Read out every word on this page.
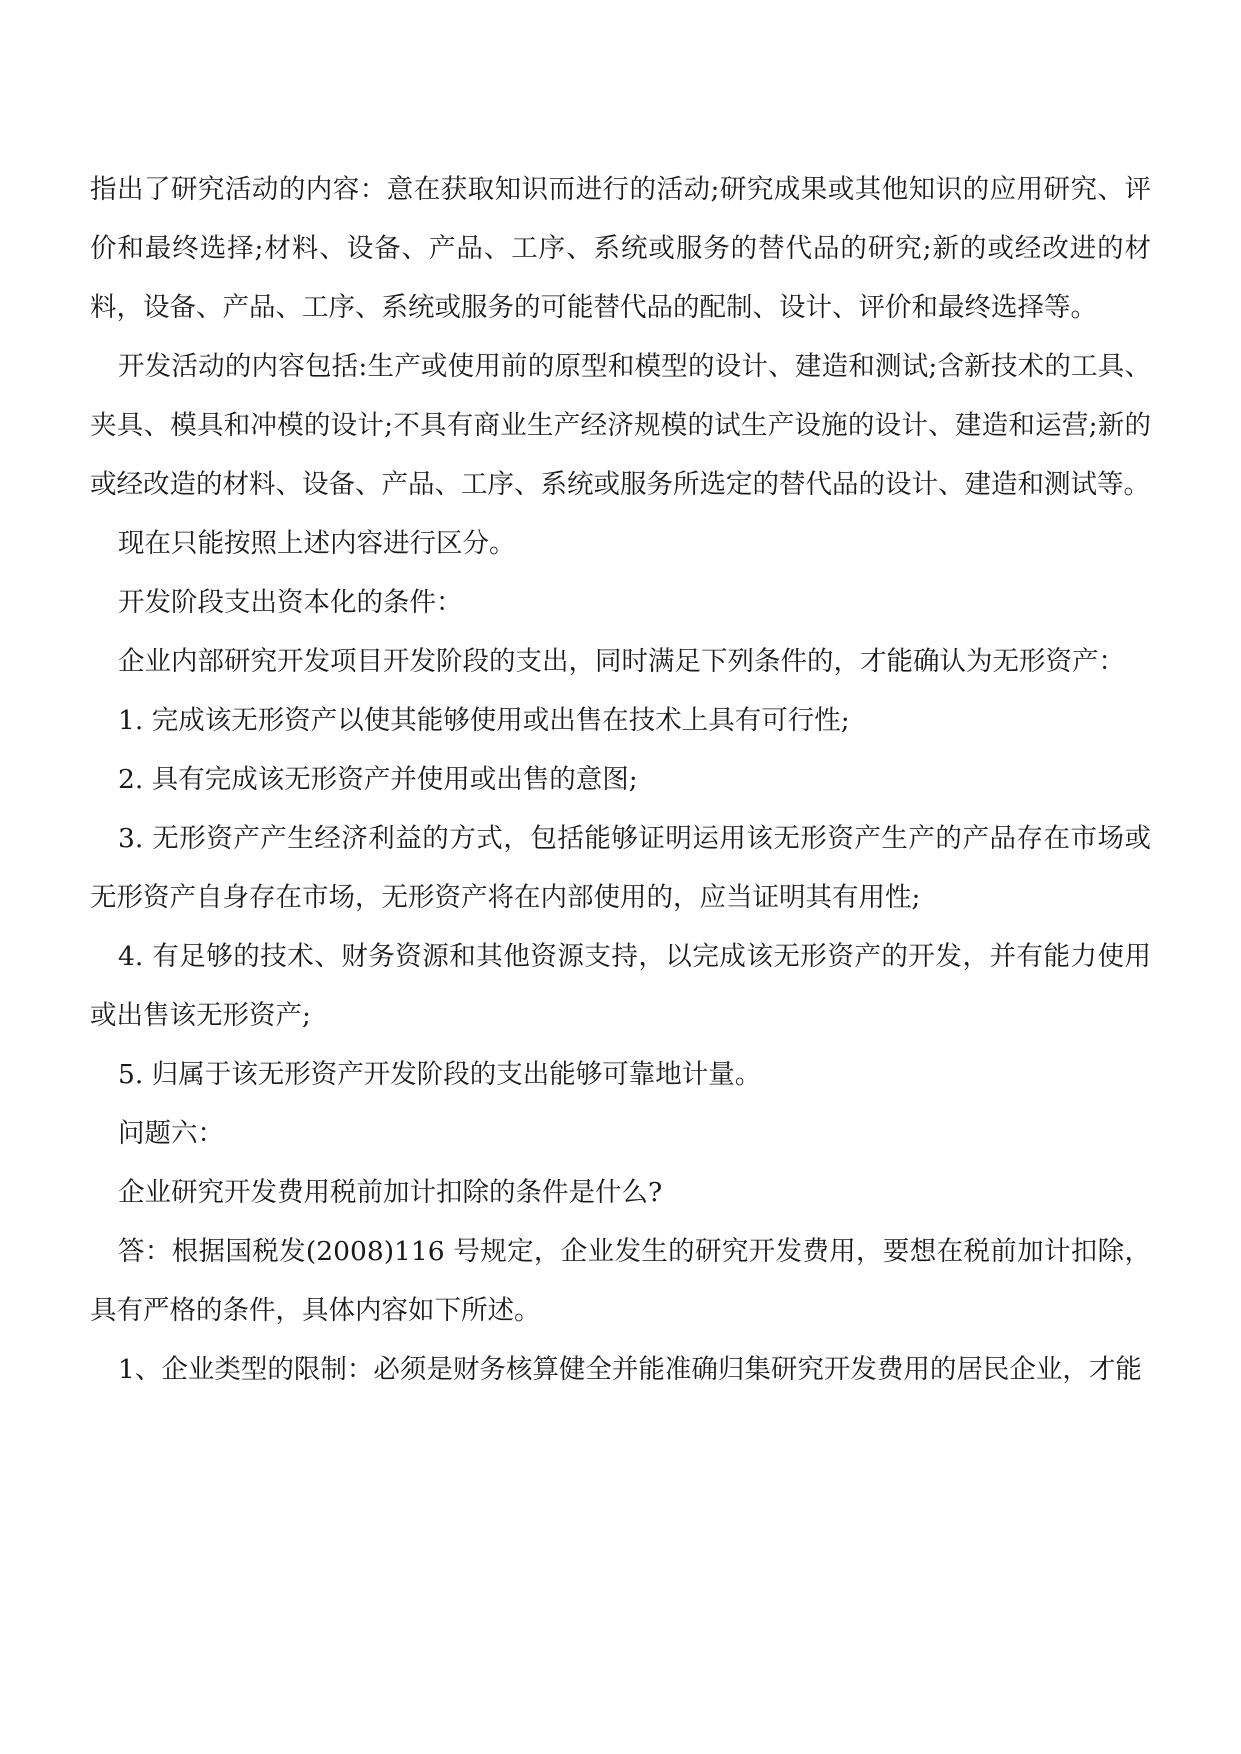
指出了研究活动的内容：意在获取知识而进行的活动;研究成果或其他知识的应用研究、评价和最终选择;材料、设备、产品、工序、系统或服务的替代品的研究;新的或经改进的材料，设备、产品、工序、系统或服务的可能替代品的配制、设计、评价和最终选择等。

开发活动的内容包括:生产或使用前的原型和模型的设计、建造和测试;含新技术的工具、夹具、模具和冲模的设计;不具有商业生产经济规模的试生产设施的设计、建造和运营;新的或经改造的材料、设备、产品、工序、系统或服务所选定的替代品的设计、建造和测试等。

现在只能按照上述内容进行区分。

开发阶段支出资本化的条件：

企业内部研究开发项目开发阶段的支出，同时满足下列条件的，才能确认为无形资产：

1. 完成该无形资产以使其能够使用或出售在技术上具有可行性;

2. 具有完成该无形资产并使用或出售的意图;

3. 无形资产产生经济利益的方式，包括能够证明运用该无形资产生产的产品存在市场或无形资产自身存在市场，无形资产将在内部使用的，应当证明其有用性;

4. 有足够的技术、财务资源和其他资源支持，以完成该无形资产的开发，并有能力使用或出售该无形资产;

5. 归属于该无形资产开发阶段的支出能够可靠地计量。

问题六：

企业研究开发费用税前加计扣除的条件是什么?

答：根据国税发(2008)116 号规定，企业发生的研究开发费用，要想在税前加计扣除，具有严格的条件，具体内容如下所述。

1、企业类型的限制：必须是财务核算健全并能准确归集研究开发费用的居民企业，才能
